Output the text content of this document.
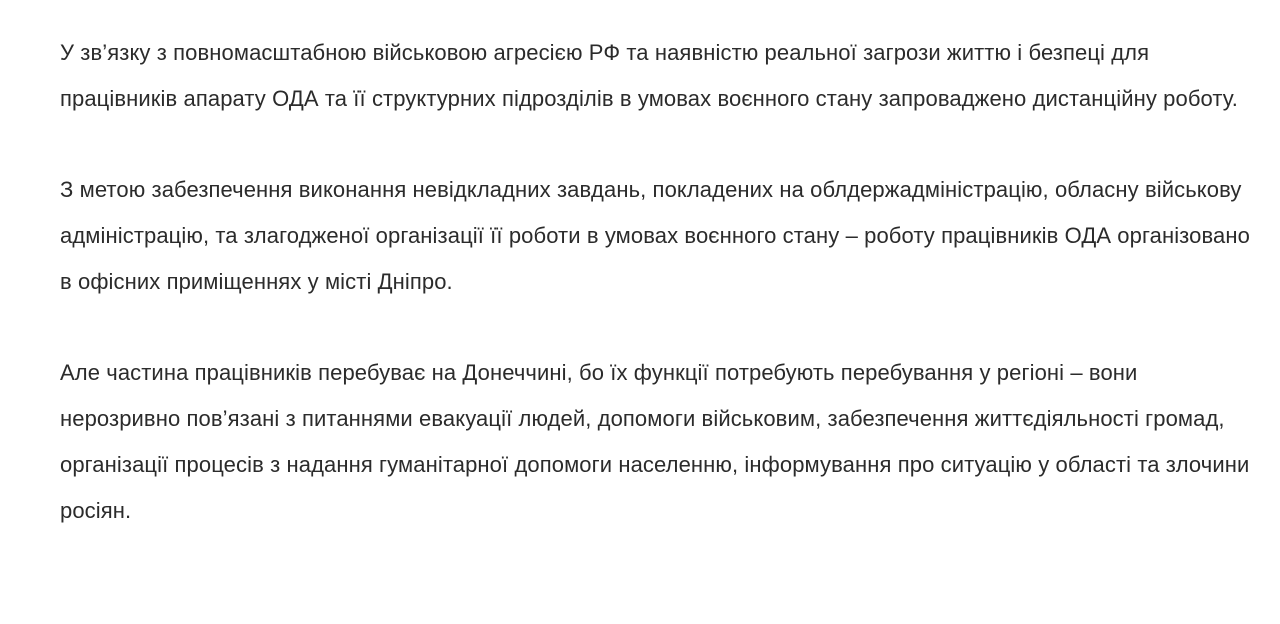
У зв’язку з повномасштабною військовою агресією РФ та наявністю реальної загрози життю і безпеці для працівників апарату ОДА та її структурних підрозділів в умовах воєнного стану запроваджено дистанційну роботу.

З метою забезпечення виконання невідкладних завдань, покладених на облдержадміністрацію, обласну військову адміністрацію, та злагодженої організації її роботи в умовах воєнного стану – роботу працівників ОДА організовано в офісних приміщеннях у місті Дніпро.

Але частина працівників перебуває на Донеччині, бо їх функції потребують перебування у регіоні – вони нерозривно пов’язані з питаннями евакуації людей, допомоги військовим, забезпечення життєдіяльності громад, організації процесів з надання гуманітарної допомоги населенню, інформування про ситуацію у області та злочини росіян.
